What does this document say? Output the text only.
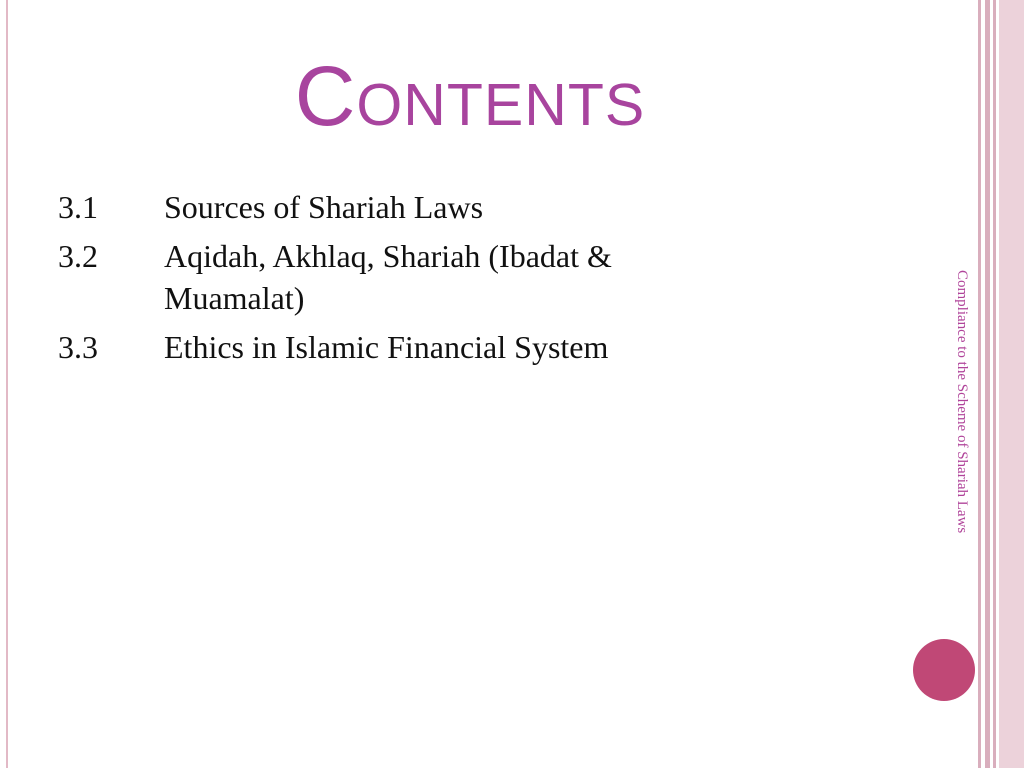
Contents
3.1	Sources of Shariah Laws
3.2	Aqidah, Akhlaq, Shariah (Ibadat & Muamalat)
3.3	Ethics in Islamic Financial System	Compliance to the Scheme of Shariah Laws
